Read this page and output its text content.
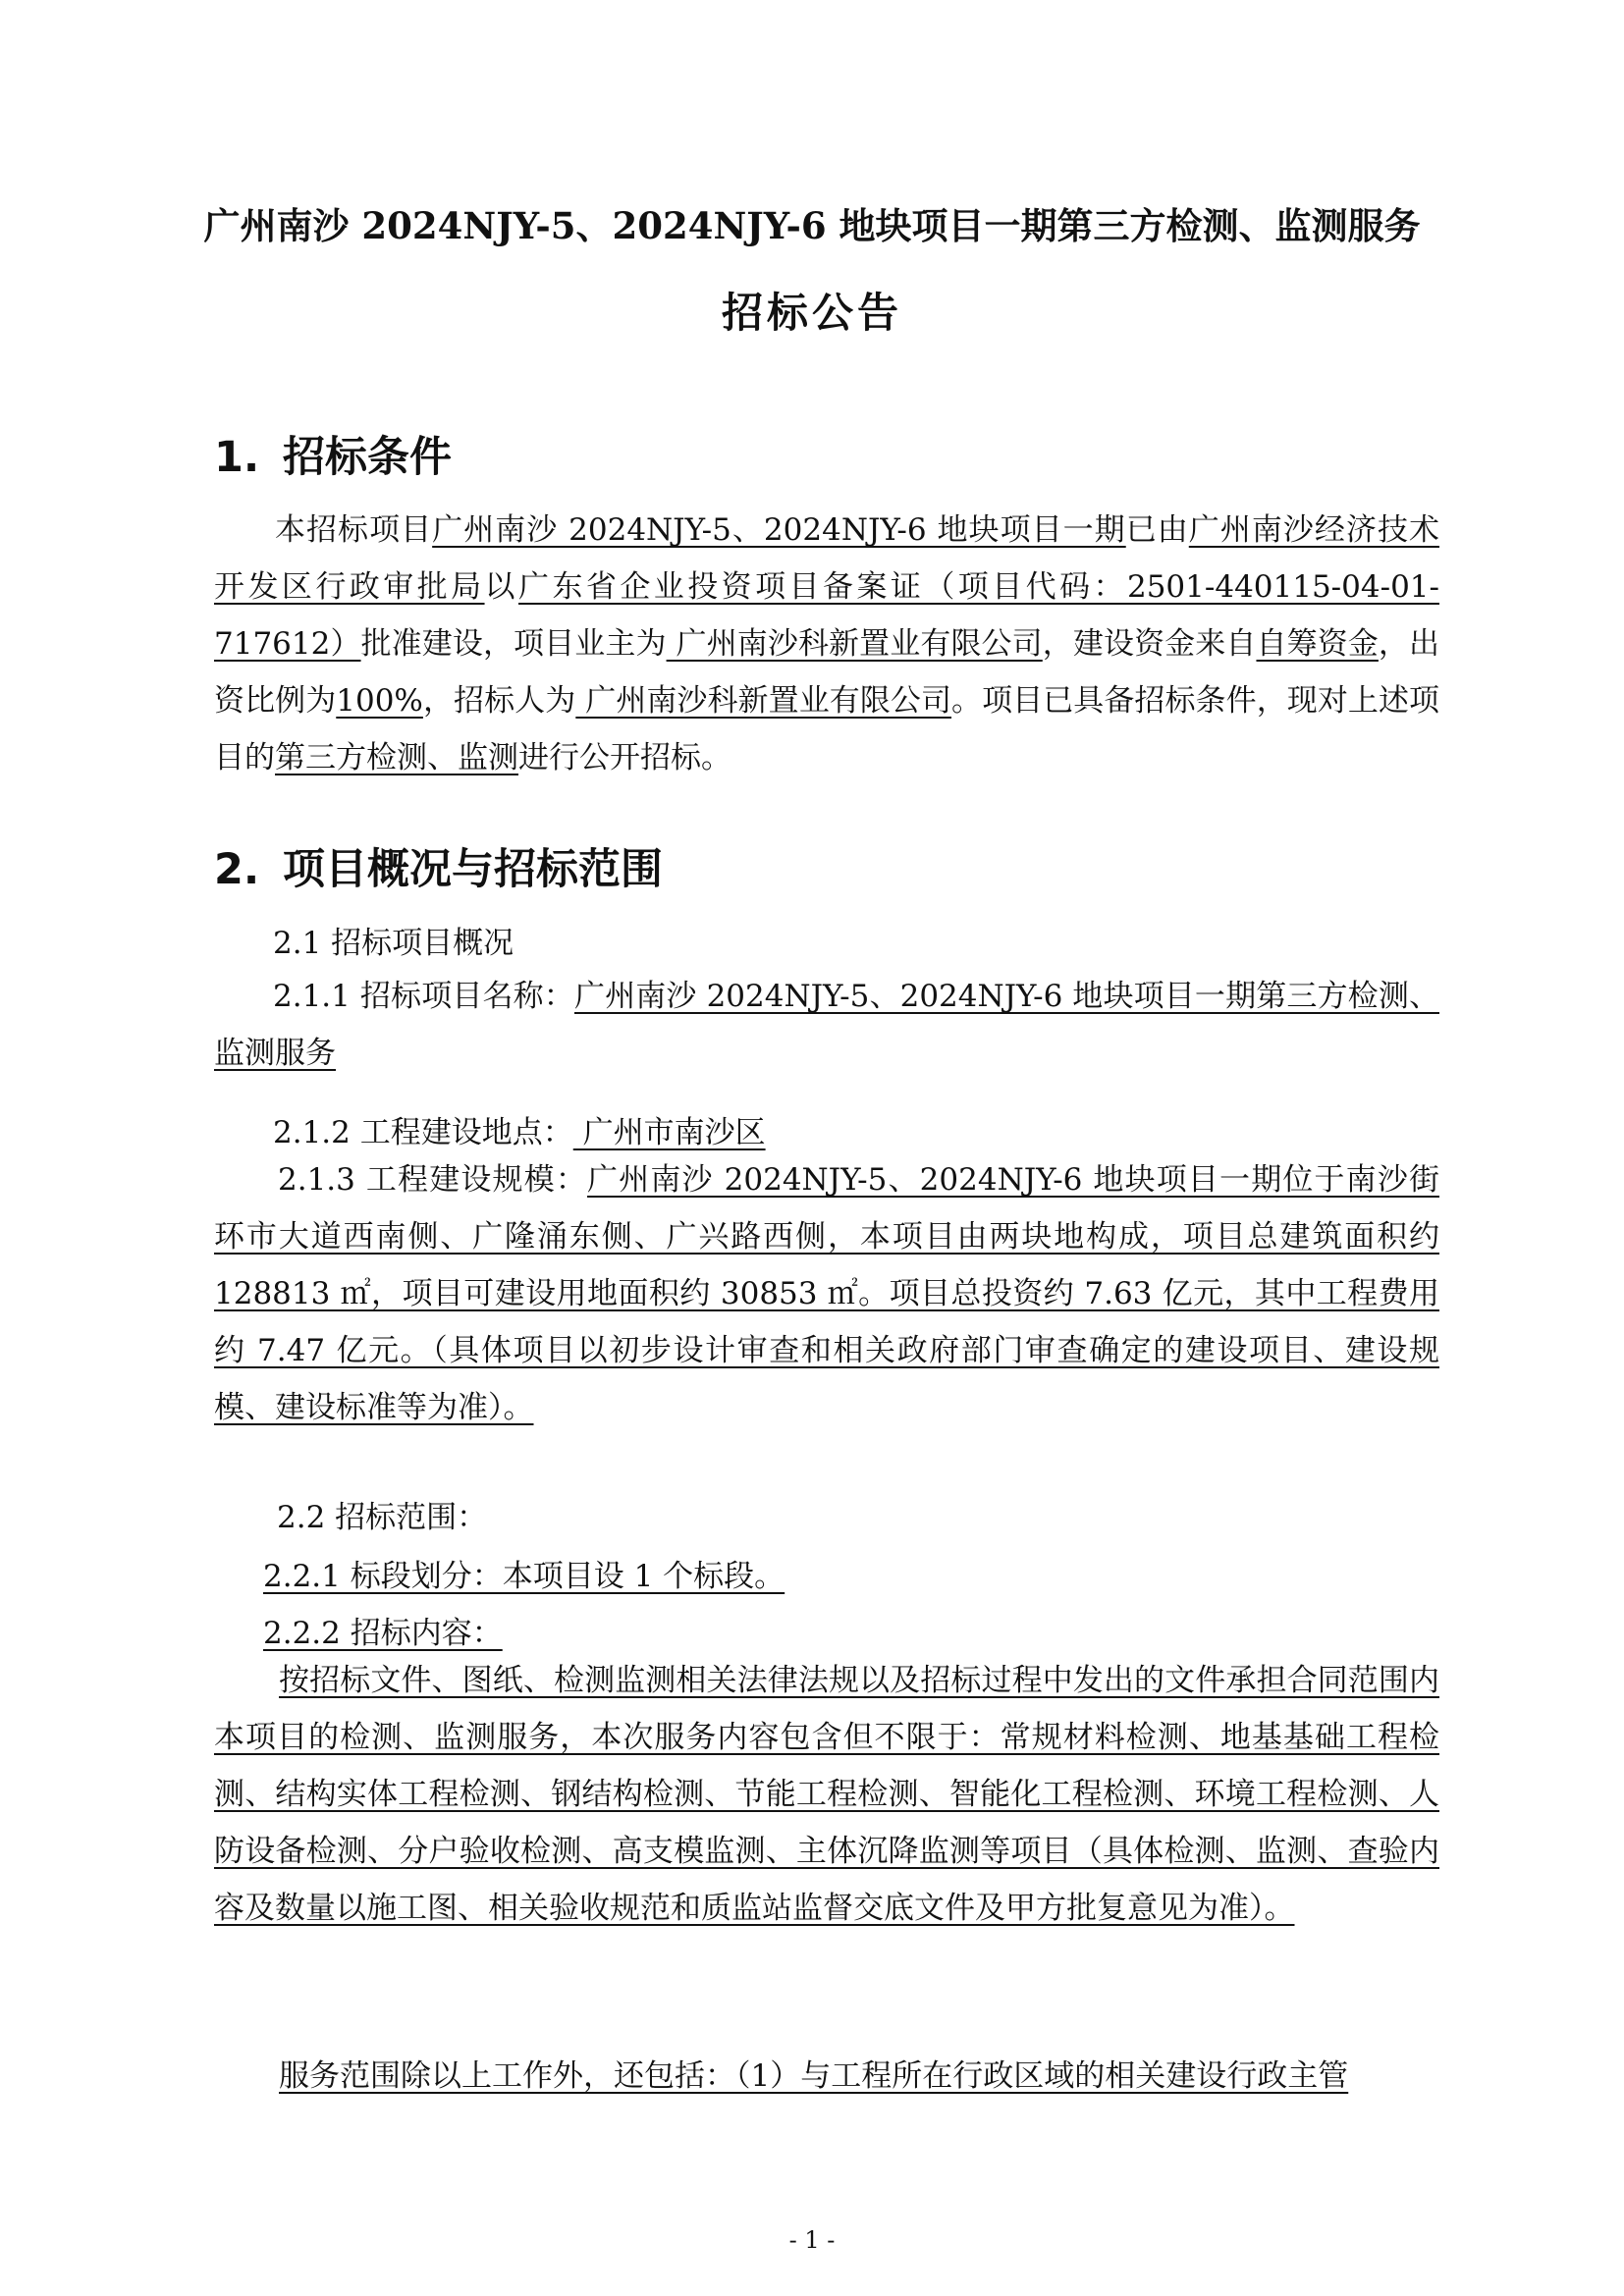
广州南沙 2024NJY-5、2024NJY-6 地块项目一期第三方检测、监测服务
招标公告
1. 招标条件
本招标项目广州南沙 2024NJY-5、2024NJY-6 地块项目一期已由广州南沙经济技术开发区行政审批局以广东省企业投资项目备案证（项目代码：2501-440115-04-01-717612）批准建设，项目业主为 广州南沙科新置业有限公司，建设资金来自自筹资金，出资比例为100%，招标人为 广州南沙科新置业有限公司。项目已具备招标条件，现对上述项目的第三方检测、监测进行公开招标。
2. 项目概况与招标范围
2.1 招标项目概况
2.1.1 招标项目名称：广州南沙 2024NJY-5、2024NJY-6 地块项目一期第三方检测、监测服务
2.1.2 工程建设地点： 广州市南沙区
2.1.3 工程建设规模：广州南沙 2024NJY-5、2024NJY-6 地块项目一期位于南沙街环市大道西南侧、广隆涌东侧、广兴路西侧，本项目由两块地构成，项目总建筑面积约 128813 ㎡，项目可建设用地面积约 30853 ㎡。项目总投资约 7.63 亿元，其中工程费用约 7.47 亿元。（具体项目以初步设计审查和相关政府部门审查确定的建设项目、建设规模、建设标准等为准）。
2.2 招标范围：
2.2.1 标段划分：本项目设 1 个标段。
2.2.2 招标内容：
按招标文件、图纸、检测监测相关法律法规以及招标过程中发出的文件承担合同范围内本项目的检测、监测服务，本次服务内容包含但不限于：常规材料检测、地基基础工程检测、结构实体工程检测、钢结构检测、节能工程检测、智能化工程检测、环境工程检测、人防设备检测、分户验收检测、高支模监测、主体沉降监测等项目（具体检测、监测、查验内容及数量以施工图、相关验收规范和质监站监督交底文件及甲方批复意见为准）。
服务范围除以上工作外，还包括：（1）与工程所在行政区域的相关建设行政主管
- 1 -
